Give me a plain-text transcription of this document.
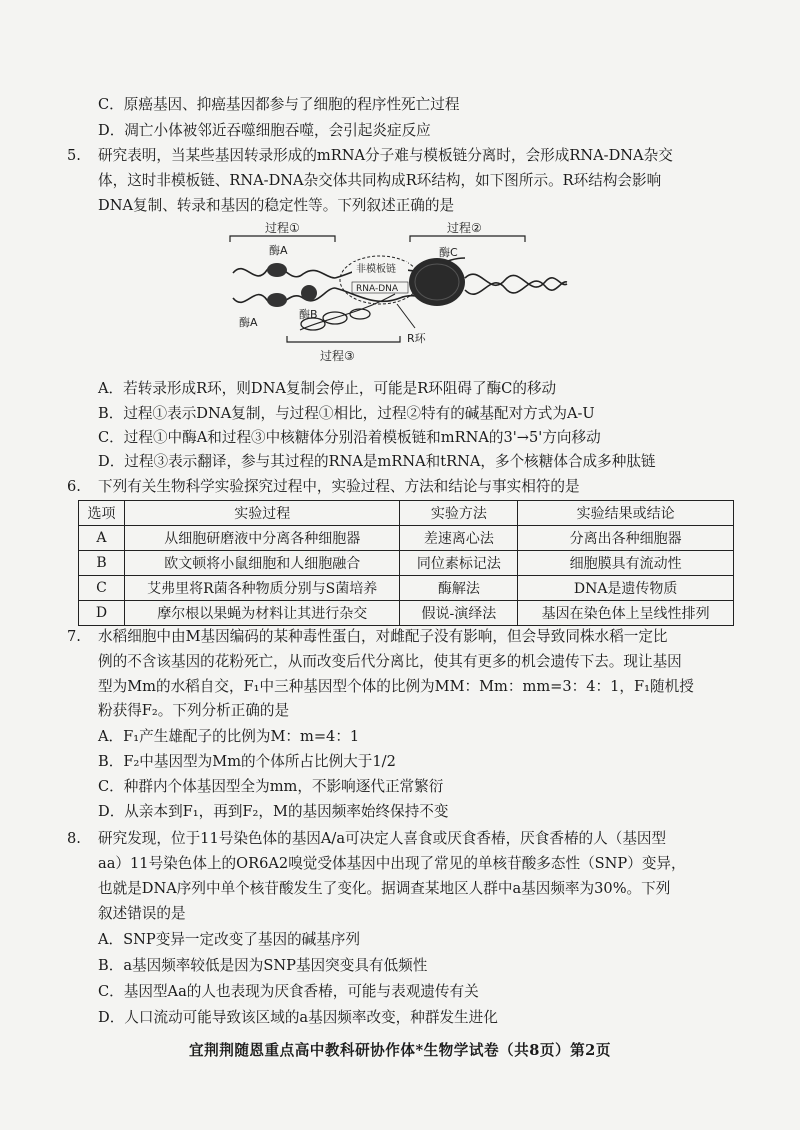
C．原癌基因、抑癌基因都参与了细胞的程序性死亡过程
D．凋亡小体被邻近吞噬细胞吞噬，会引起炎症反应
5. 研究表明，当某些基因转录形成的mRNA分子难与模板链分离时，会形成RNA-DNA杂交
体，这时非模板链、RNA-DNA杂交体共同构成R环结构，如下图所示。R环结构会影响
DNA复制、转录和基因的稳定性等。下列叙述正确的是
过程①	过程②
过程③
酶A
酶A
酶B
非模板链
RNA-DNA
酶C
R环
A．若转录形成R环，则DNA复制会停止，可能是R环阻碍了酶C的移动
B．过程①表示DNA复制，与过程①相比，过程②特有的碱基配对方式为A-U
C．过程①中酶A和过程③中核糖体分别沿着模板链和mRNA的3'→5'方向移动
D．过程③表示翻译，参与其过程的RNA是mRNA和tRNA，多个核糖体合成多种肽链
6. 下列有关生物科学实验探究过程中，实验过程、方法和结论与事实相符的是
选项	实验过程	实验方法	实验结果或结论
A	从细胞研磨液中分离各种细胞器	差速离心法	分离出各种细胞器
B	欧文顿将小鼠细胞和人细胞融合	同位素标记法	细胞膜具有流动性
C	艾弗里将R菌各种物质分别与S菌培养	酶解法	DNA是遗传物质
D	摩尔根以果蝇为材料让其进行杂交	假说-演绎法	基因在染色体上呈线性排列
7. 水稻细胞中由M基因编码的某种毒性蛋白，对雌配子没有影响，但会导致同株水稻一定比
例的不含该基因的花粉死亡，从而改变后代分离比，使其有更多的机会遗传下去。现让基因
型为Mm的水稻自交，F₁中三种基因型个体的比例为MM：Mm：mm=3：4：1，F₁随机授
粉获得F₂。下列分析正确的是
A．F₁产生雄配子的比例为M：m=4：1
B．F₂中基因型为Mm的个体所占比例大于1/2
C．种群内个体基因型全为mm，不影响逐代正常繁衍
D．从亲本到F₁，再到F₂，M的基因频率始终保持不变
8. 研究发现，位于11号染色体的基因A/a可决定人喜食或厌食香椿，厌食香椿的人（基因型
aa）11号染色体上的OR6A2嗅觉受体基因中出现了常见的单核苷酸多态性（SNP）变异，
也就是DNA序列中单个核苷酸发生了变化。据调查某地区人群中a基因频率为30%。下列
叙述错误的是
A．SNP变异一定改变了基因的碱基序列
B．a基因频率较低是因为SNP基因突变具有低频性
C．基因型Aa的人也表现为厌食香椿，可能与表观遗传有关
D．人口流动可能导致该区域的a基因频率改变，种群发生进化
宜荆荆随恩重点高中教科研协作体*生物学试卷（共8页）第2页
